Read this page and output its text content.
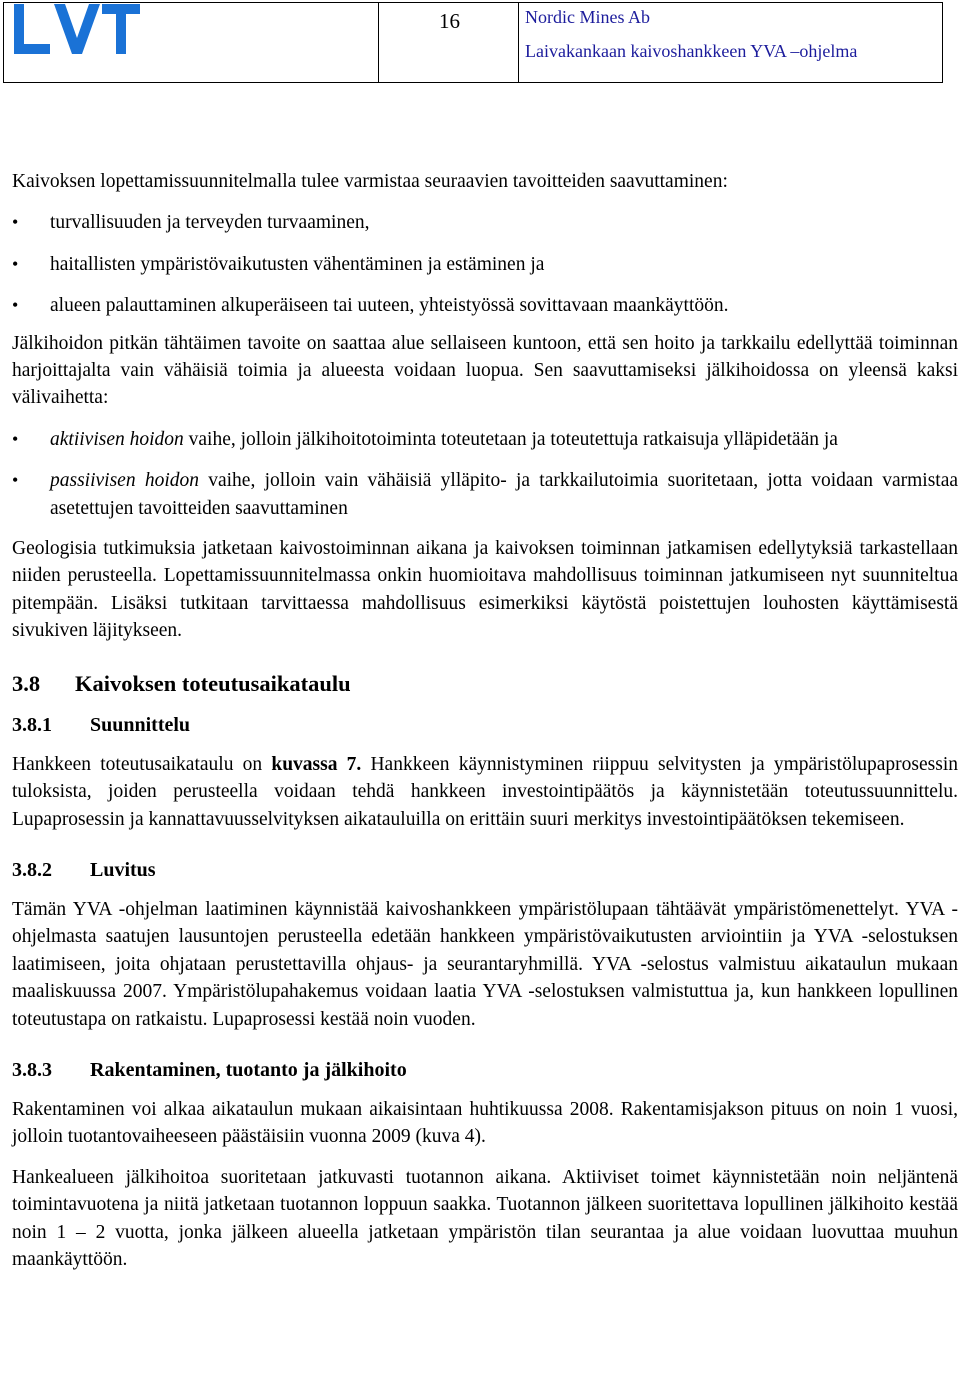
16	Nordic Mines Ab
Laivakankaan kaivoshankkeen YVA –ohjelma

Kaivoksen lopettamissuunnitelmalla tulee varmistaa seuraavien tavoitteiden saavuttaminen:

•
turvallisuuden ja terveyden turvaaminen,
•
haitallisten ympäristövaikutusten vähentäminen ja estäminen ja
•
alueen palauttaminen alkuperäiseen tai uuteen, yhteistyössä sovittavaan maankäyttöön.

Jälkihoidon pitkän tähtäimen tavoite on saattaa alue sellaiseen kuntoon, että sen hoito ja tarkkailu edellyttää toiminnan harjoittajalta vain vähäisiä toimia ja alueesta voidaan luopua. Sen saavuttamiseksi jälkihoidossa on yleensä kaksi välivaihetta:

•
aktiivisen hoidon vaihe, jolloin jälkihoitotoiminta toteutetaan ja toteutettuja ratkaisuja ylläpidetään ja
•
passiivisen hoidon vaihe, jolloin vain vähäisiä ylläpito- ja tarkkailutoimia suoritetaan, jotta voidaan varmistaa asetettujen tavoitteiden saavuttaminen

Geologisia tutkimuksia jatketaan kaivostoiminnan aikana ja kaivoksen toiminnan jatkamisen edellytyksiä tarkastellaan niiden perusteella. Lopettamissuunnitelmassa onkin huomioitava mahdollisuus toiminnan jatkumiseen nyt suunniteltua pitempään. Lisäksi tutkitaan tarvittaessa mahdollisuus esimerkiksi käytöstä poistettujen louhosten käyttämisestä sivukiven läjitykseen.

3.8	Kaivoksen toteutusaikataulu
3.8.1	Suunnittelu

Hankkeen toteutusaikataulu on kuvassa 7. Hankkeen käynnistyminen riippuu selvitysten ja ympäristölupaprosessin tuloksista, joiden perusteella voidaan tehdä hankkeen investointipäätös ja käynnistetään toteutussuunnittelu. Lupaprosessin ja kannattavuusselvityksen aikatauluilla on erittäin suuri merkitys investointipäätöksen tekemiseen.

3.8.2	Luvitus

Tämän YVA -ohjelman laatiminen käynnistää kaivoshankkeen ympäristölupaan tähtäävät ympäristömenettelyt. YVA -ohjelmasta saatujen lausuntojen perusteella edetään hankkeen ympäristövaikutusten arviointiin ja YVA -selostuksen laatimiseen, joita ohjataan perustettavilla ohjaus- ja seurantaryhmillä. YVA -selostus valmistuu aikataulun mukaan maaliskuussa 2007. Ympäristölupahakemus voidaan laatia YVA -selostuksen valmistuttua ja, kun hankkeen lopullinen toteutustapa on ratkaistu. Lupaprosessi kestää noin vuoden.

3.8.3	Rakentaminen, tuotanto ja jälkihoito

Rakentaminen voi alkaa aikataulun mukaan aikaisintaan huhtikuussa 2008. Rakentamisjakson pituus on noin 1 vuosi, jolloin tuotantovaiheeseen päästäisiin vuonna 2009 (kuva 4).

Hankealueen jälkihoitoa suoritetaan jatkuvasti tuotannon aikana. Aktiiviset toimet käynnistetään noin neljäntenä toimintavuotena ja niitä jatketaan tuotannon loppuun saakka. Tuotannon jälkeen suoritettava lopullinen jälkihoito kestää noin 1 – 2 vuotta, jonka jälkeen alueella jatketaan ympäristön tilan seurantaa ja alue voidaan luovuttaa muuhun maankäyttöön.
